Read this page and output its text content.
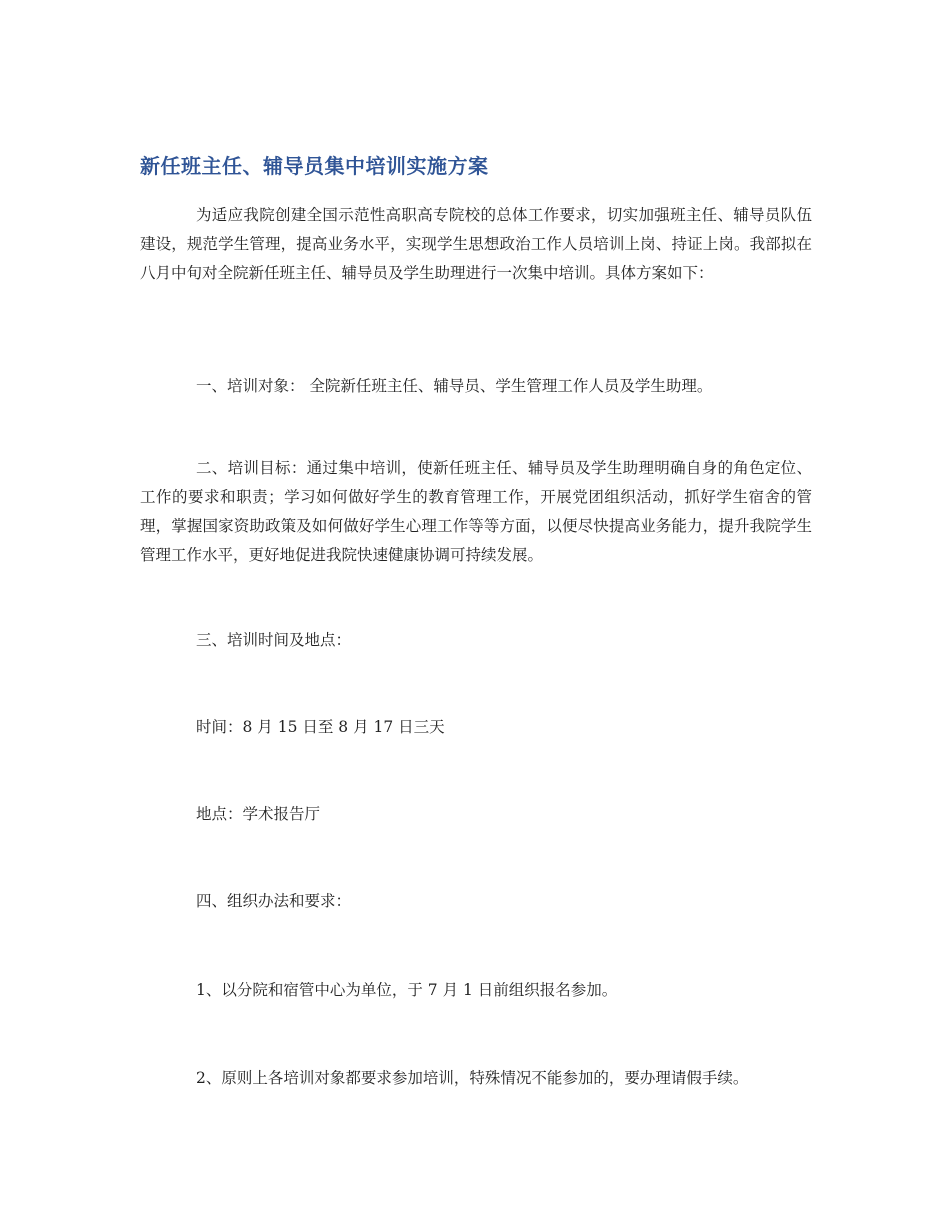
新任班主任、辅导员集中培训实施方案

为适应我院创建全国示范性高职高专院校的总体工作要求，切实加强班主任、辅导员队伍建设，规范学生管理，提高业务水平，实现学生思想政治工作人员培训上岗、持证上岗。我部拟在八月中旬对全院新任班主任、辅导员及学生助理进行一次集中培训。具体方案如下：

一、培训对象： 全院新任班主任、辅导员、学生管理工作人员及学生助理。

二、培训目标：通过集中培训，使新任班主任、辅导员及学生助理明确自身的角色定位、工作的要求和职责；学习如何做好学生的教育管理工作，开展党团组织活动，抓好学生宿舍的管理，掌握国家资助政策及如何做好学生心理工作等等方面，以便尽快提高业务能力，提升我院学生管理工作水平，更好地促进我院快速健康协调可持续发展。

三、培训时间及地点：

时间：8 月 15 日至 8 月 17 日三天

地点：学术报告厅

四、组织办法和要求：

1、以分院和宿管中心为单位，于 7 月 1 日前组织报名参加。

2、原则上各培训对象都要求参加培训，特殊情况不能参加的，要办理请假手续。
